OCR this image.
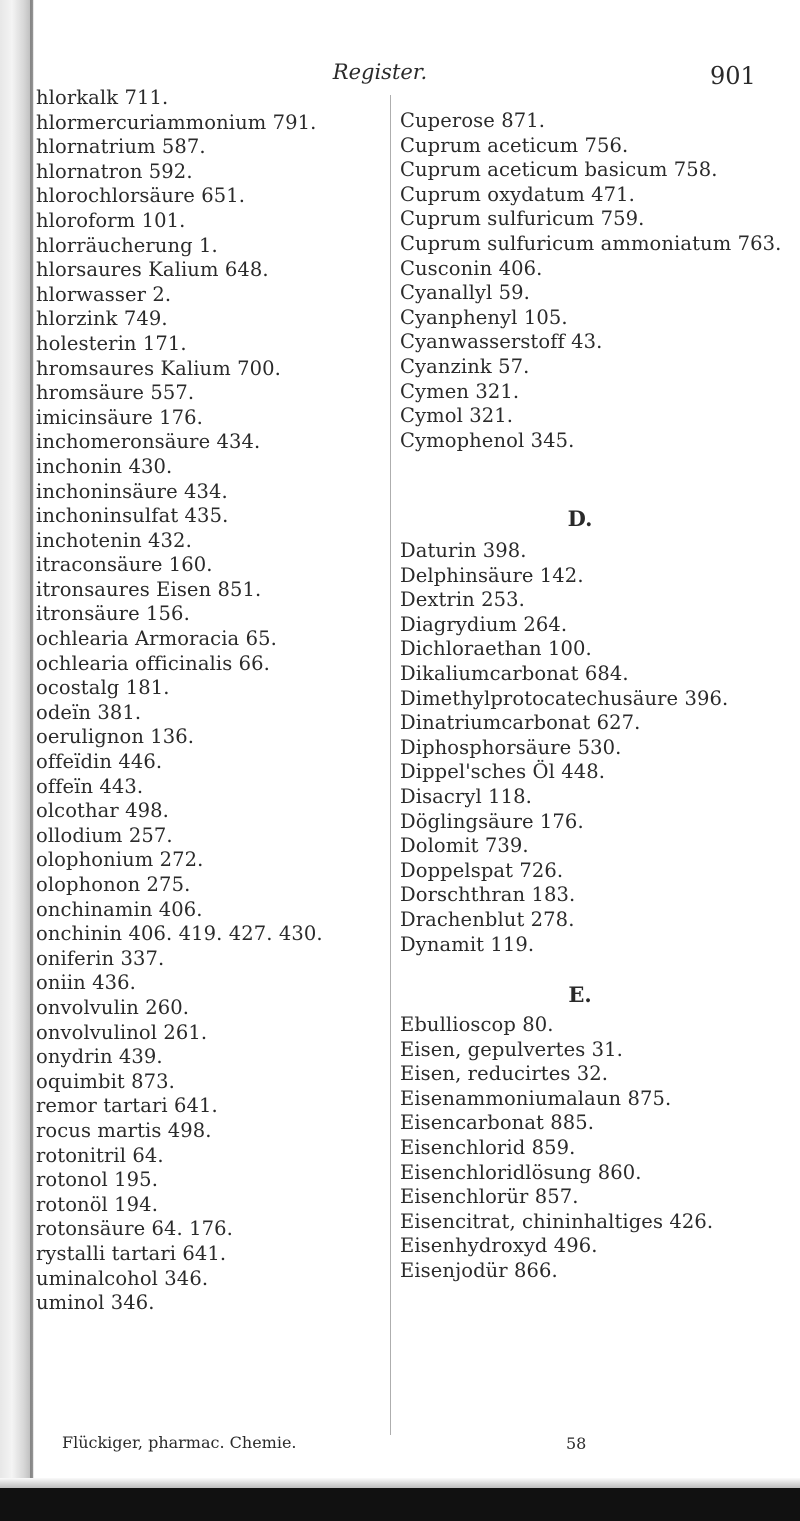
Register.	901
hlorkalk 711.
hlormercuriammonium 791.
hlornatrium 587.
hlornatron 592.
hlorochlorsäure 651.
hloroform 101.
hlorräucherung 1.
hlorsaures Kalium 648.
hlorwasser 2.
hlorzink 749.
holesterin 171.
hromsaures Kalium 700.
hromsäure 557.
imicinsäure 176.
inchomeronsäure 434.
inchonin 430.
inchoninsäure 434.
inchoninsulfat 435.
inchotenin 432.
itraconsäure 160.
itronsaures Eisen 851.
itronsäure 156.
ochlearia Armoracia 65.
ochlearia officinalis 66.
ocostalg 181.
odeïn 381.
oerulignon 136.
offeïdin 446.
offeïn 443.
olcothar 498.
ollodium 257.
olophonium 272.
olophonon 275.
onchinamin 406.
onchinin 406. 419. 427. 430.
oniferin 337.
oniin 436.
onvolvulin 260.
onvolvulinol 261.
onydrin 439.
oquimbit 873.
remor tartari 641.
rocus martis 498.
rotonitril 64.
rotonol 195.
rotonöl 194.
rotonsäure 64. 176.
rystalli tartari 641.
uminalcohol 346.
uminol 346.
Cuperose 871.
Cuprum aceticum 756.
Cuprum aceticum basicum 758.
Cuprum oxydatum 471.
Cuprum sulfuricum 759.
Cuprum sulfuricum ammoniatum 763.
Cusconin 406.
Cyanallyl 59.
Cyanphenyl 105.
Cyanwasserstoff 43.
Cyanzink 57.
Cymen 321.
Cymol 321.
Cymophenol 345.
D.
Daturin 398.
Delphinsäure 142.
Dextrin 253.
Diagrydium 264.
Dichloraethan 100.
Dikaliumcarbonat 684.
Dimethylprotocatechusäure 396.
Dinatriumcarbonat 627.
Diphosphorsäure 530.
Dippel'sches Öl 448.
Disacryl 118.
Döglingsäure 176.
Dolomit 739.
Doppelspat 726.
Dorschthran 183.
Drachenblut 278.
Dynamit 119.
E.
Ebullioscop 80.
Eisen, gepulvertes 31.
Eisen, reducirtes 32.
Eisenammoniumalaun 875.
Eisencarbonat 885.
Eisenchlorid 859.
Eisenchloridlösung 860.
Eisenchlorür 857.
Eisencitrat, chininhaltiges 426.
Eisenhydroxyd 496.
Eisenjodür 866.
Flückiger, pharmac. Chemie.	58
